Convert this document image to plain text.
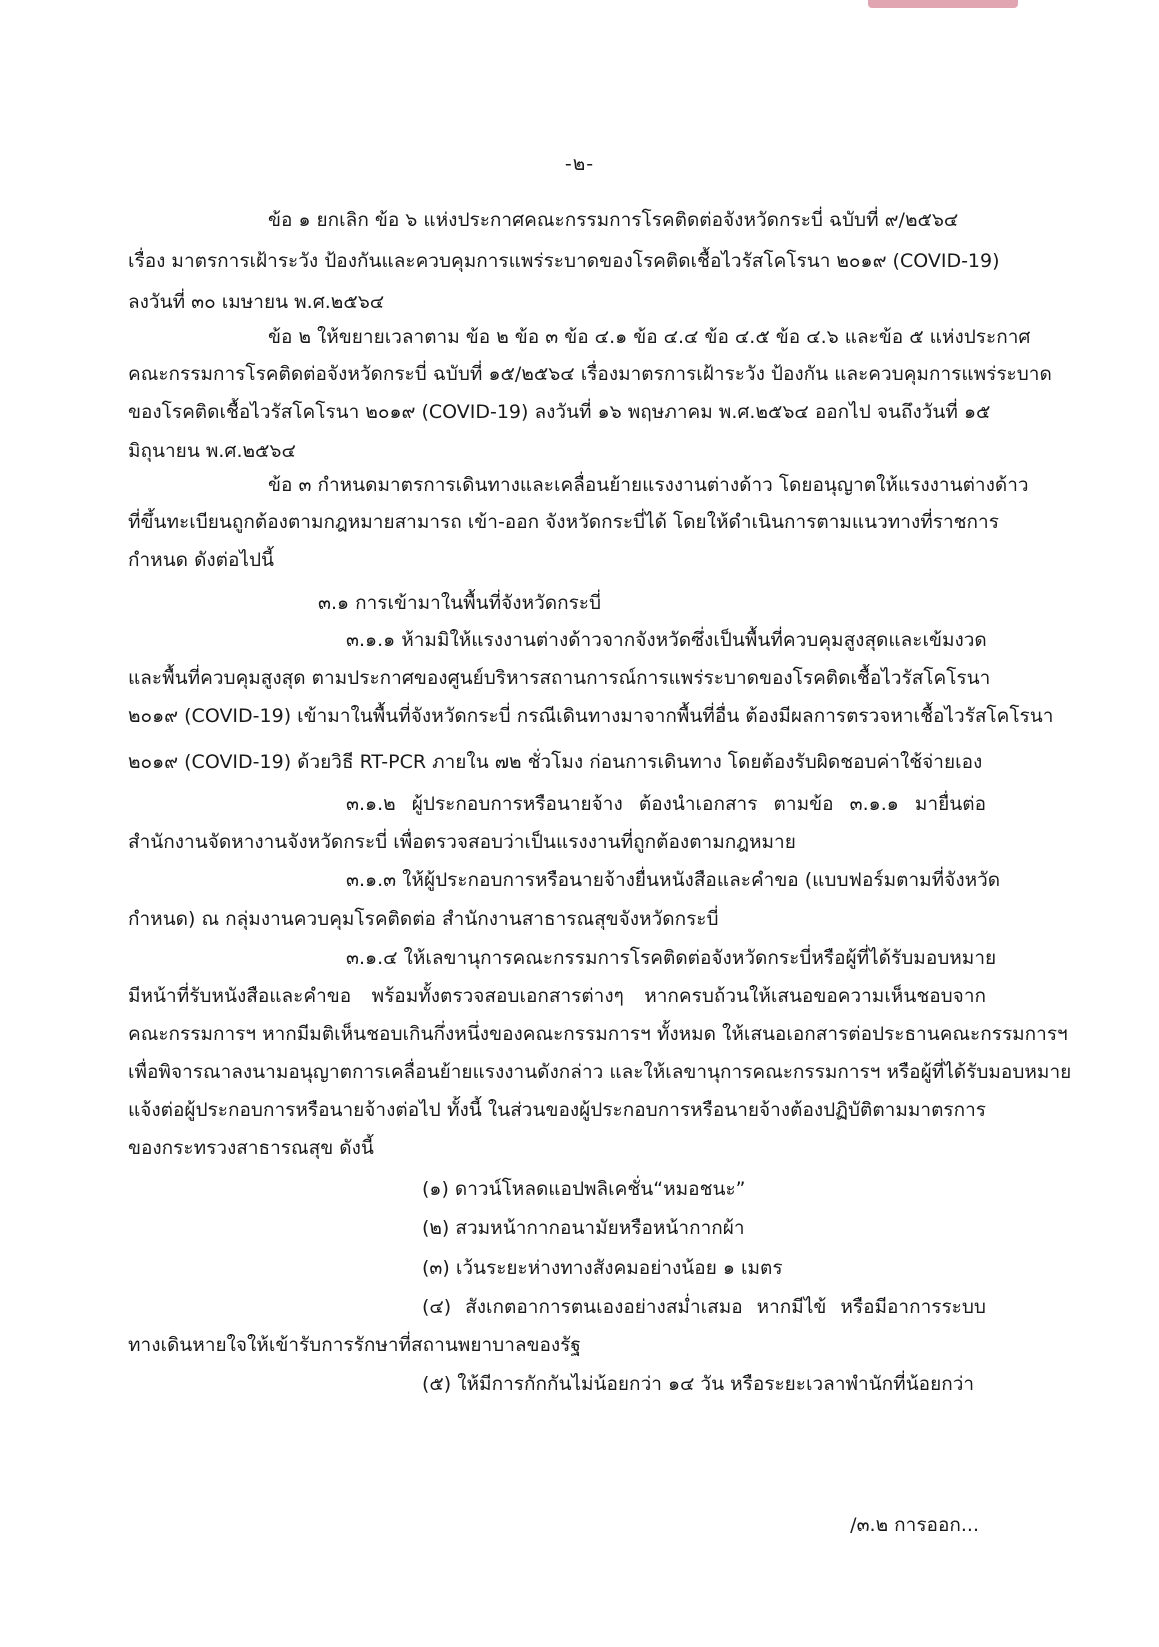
-๒-
ข้อ ๑ ยกเลิก ข้อ ๖ แห่งประกาศคณะกรรมการโรคติดต่อจังหวัดกระบี่ ฉบับที่ ๙/๒๕๖๔
เรื่อง มาตรการเฝ้าระวัง ป้องกันและควบคุมการแพร่ระบาดของโรคติดเชื้อไวรัสโคโรนา ๒๐๑๙ (COVID-19)
ลงวันที่ ๓๐ เมษายน พ.ศ.๒๕๖๔
ข้อ ๒ ให้ขยายเวลาตาม ข้อ ๒ ข้อ ๓ ข้อ ๔.๑ ข้อ ๔.๔ ข้อ ๔.๕ ข้อ ๔.๖ และข้อ ๕ แห่งประกาศ
คณะกรรมการโรคติดต่อจังหวัดกระบี่ ฉบับที่ ๑๕/๒๕๖๔ เรื่องมาตรการเฝ้าระวัง ป้องกัน และควบคุมการแพร่ระบาด
ของโรคติดเชื้อไวรัสโคโรนา ๒๐๑๙ (COVID-19) ลงวันที่ ๑๖ พฤษภาคม พ.ศ.๒๕๖๔ ออกไป จนถึงวันที่ ๑๕
มิถุนายน พ.ศ.๒๕๖๔
ข้อ ๓ กำหนดมาตรการเดินทางและเคลื่อนย้ายแรงงานต่างด้าว โดยอนุญาตให้แรงงานต่างด้าว
ที่ขึ้นทะเบียนถูกต้องตามกฎหมายสามารถ เข้า-ออก จังหวัดกระบี่ได้ โดยให้ดำเนินการตามแนวทางที่ราชการ
กำหนด ดังต่อไปนี้
๓.๑ การเข้ามาในพื้นที่จังหวัดกระบี่
๓.๑.๑ ห้ามมิให้แรงงานต่างด้าวจากจังหวัดซึ่งเป็นพื้นที่ควบคุมสูงสุดและเข้มงวด
และพื้นที่ควบคุมสูงสุด ตามประกาศของศูนย์บริหารสถานการณ์การแพร่ระบาดของโรคติดเชื้อไวรัสโคโรนา
๒๐๑๙ (COVID-19) เข้ามาในพื้นที่จังหวัดกระบี่ กรณีเดินทางมาจากพื้นที่อื่น ต้องมีผลการตรวจหาเชื้อไวรัสโคโรนา
๒๐๑๙ (COVID-19) ด้วยวิธี RT-PCR ภายใน ๗๒ ชั่วโมง ก่อนการเดินทาง โดยต้องรับผิดชอบค่าใช้จ่ายเอง
๓.๑.๒ ผู้ประกอบการหรือนายจ้าง ต้องนำเอกสาร ตามข้อ ๓.๑.๑ มายื่นต่อ
สำนักงานจัดหางานจังหวัดกระบี่ เพื่อตรวจสอบว่าเป็นแรงงานที่ถูกต้องตามกฎหมาย
๓.๑.๓ ให้ผู้ประกอบการหรือนายจ้างยื่นหนังสือและคำขอ (แบบฟอร์มตามที่จังหวัด
กำหนด) ณ กลุ่มงานควบคุมโรคติดต่อ สำนักงานสาธารณสุขจังหวัดกระบี่
๓.๑.๔ ให้เลขานุการคณะกรรมการโรคติดต่อจังหวัดกระบี่หรือผู้ที่ได้รับมอบหมาย
มีหน้าที่รับหนังสือและคำขอ พร้อมทั้งตรวจสอบเอกสารต่างๆ หากครบถ้วนให้เสนอขอความเห็นชอบจาก
คณะกรรมการฯ หากมีมติเห็นชอบเกินกึ่งหนึ่งของคณะกรรมการฯ ทั้งหมด ให้เสนอเอกสารต่อประธานคณะกรรมการฯ
เพื่อพิจารณาลงนามอนุญาตการเคลื่อนย้ายแรงงานดังกล่าว และให้เลขานุการคณะกรรมการฯ หรือผู้ที่ได้รับมอบหมาย
แจ้งต่อผู้ประกอบการหรือนายจ้างต่อไป ทั้งนี้ ในส่วนของผู้ประกอบการหรือนายจ้างต้องปฏิบัติตามมาตรการ
ของกระทรวงสาธารณสุข ดังนี้
(๑) ดาวน์โหลดแอปพลิเคชั่น“หมอชนะ”
(๒) สวมหน้ากากอนามัยหรือหน้ากากผ้า
(๓) เว้นระยะห่างทางสังคมอย่างน้อย ๑ เมตร
(๔) สังเกตอาการตนเองอย่างสม่ำเสมอ หากมีไข้ หรือมีอาการระบบ
ทางเดินหายใจให้เข้ารับการรักษาที่สถานพยาบาลของรัฐ
(๕) ให้มีการกักกันไม่น้อยกว่า ๑๔ วัน หรือระยะเวลาพำนักที่น้อยกว่า
/๓.๒ การออก...
